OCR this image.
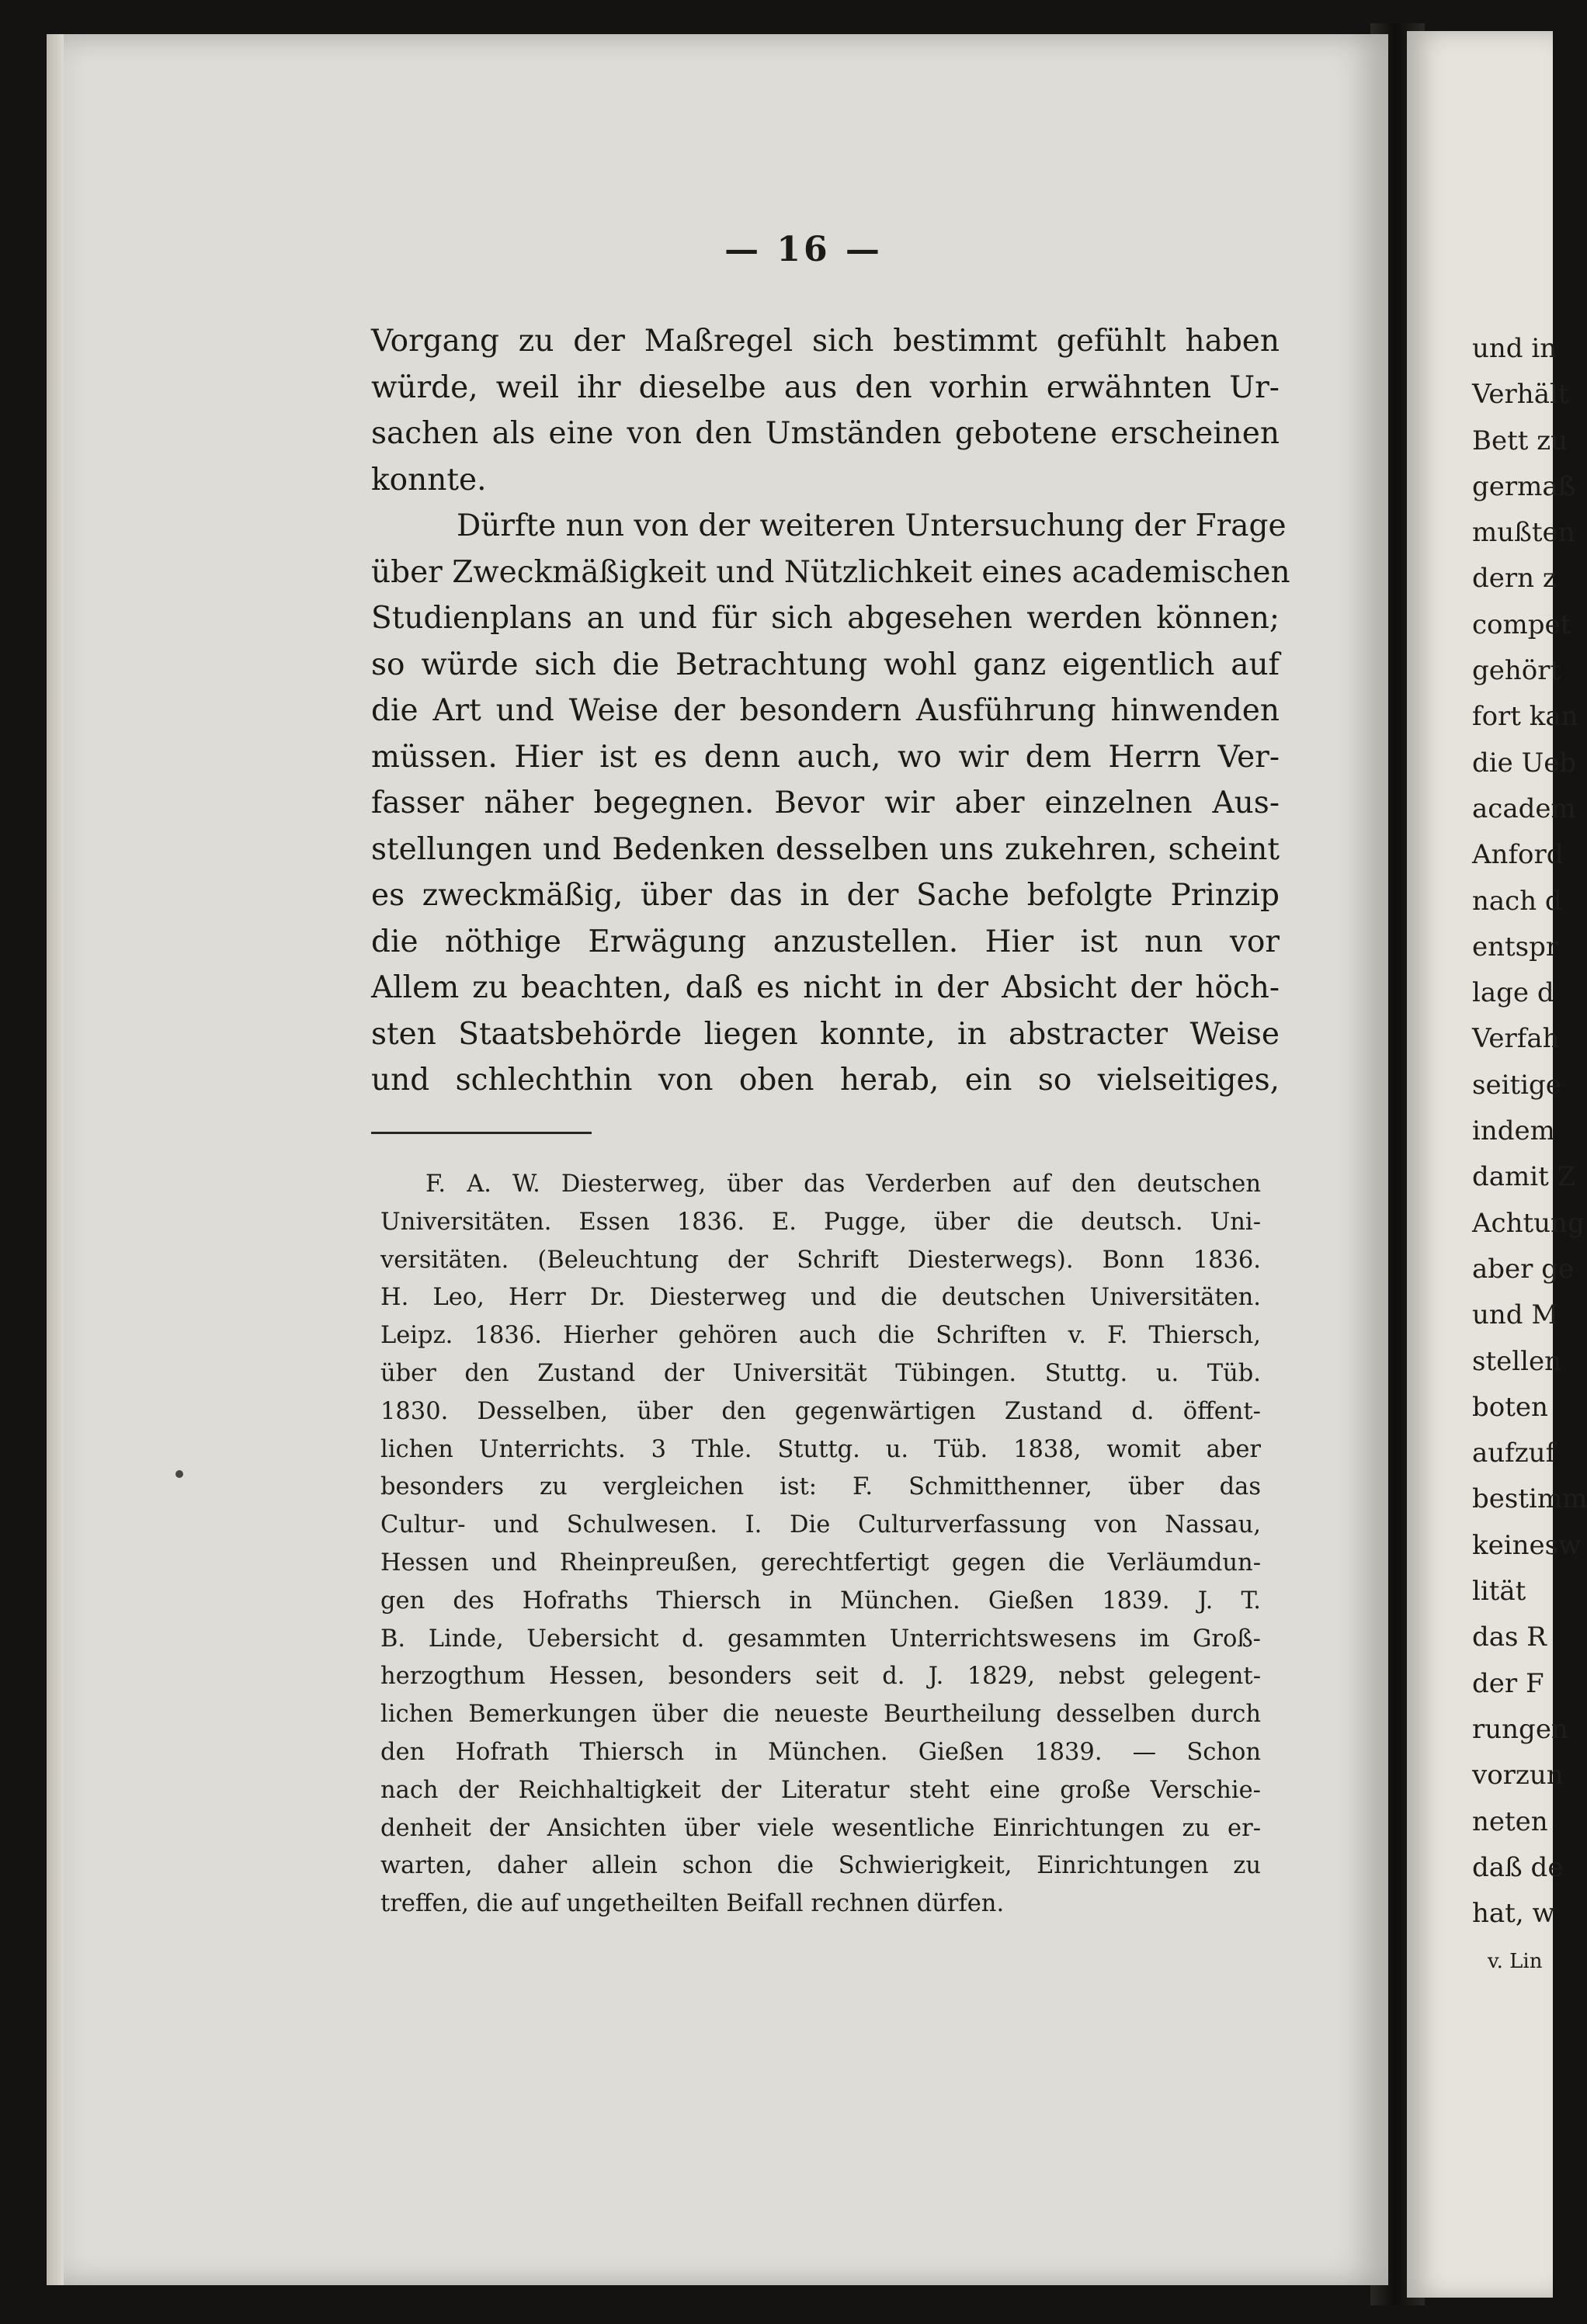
— 16 —
Vorgang zu der Maßregel sich bestimmt gefühlt haben
würde, weil ihr dieselbe aus den vorhin erwähnten Ur-
sachen als eine von den Umständen gebotene erscheinen
konnte.
Dürfte nun von der weiteren Untersuchung der Frage
über Zweckmäßigkeit und Nützlichkeit eines academischen
Studienplans an und für sich abgesehen werden können;
so würde sich die Betrachtung wohl ganz eigentlich auf
die Art und Weise der besondern Ausführung hinwenden
müssen. Hier ist es denn auch, wo wir dem Herrn Ver-
fasser näher begegnen. Bevor wir aber einzelnen Aus-
stellungen und Bedenken desselben uns zukehren, scheint
es zweckmäßig, über das in der Sache befolgte Prinzip
die nöthige Erwägung anzustellen. Hier ist nun vor
Allem zu beachten, daß es nicht in der Absicht der höch-
sten Staatsbehörde liegen konnte, in abstracter Weise
und schlechthin von oben herab, ein so vielseitiges,
F. A. W. Diesterweg, über das Verderben auf den deutschen
Universitäten. Essen 1836. E. Pugge, über die deutsch. Uni-
versitäten. (Beleuchtung der Schrift Diesterwegs). Bonn 1836.
H. Leo, Herr Dr. Diesterweg und die deutschen Universitäten.
Leipz. 1836. Hierher gehören auch die Schriften v. F. Thiersch,
über den Zustand der Universität Tübingen. Stuttg. u. Tüb.
1830. Desselben, über den gegenwärtigen Zustand d. öffent-
lichen Unterrichts. 3 Thle. Stuttg. u. Tüb. 1838, womit aber
besonders zu vergleichen ist: F. Schmitthenner, über das
Cultur- und Schulwesen. I. Die Culturverfassung von Nassau,
Hessen und Rheinpreußen, gerechtfertigt gegen die Verläumdun-
gen des Hofraths Thiersch in München. Gießen 1839. J. T.
B. Linde, Uebersicht d. gesammten Unterrichtswesens im Groß-
herzogthum Hessen, besonders seit d. J. 1829, nebst gelegent-
lichen Bemerkungen über die neueste Beurtheilung desselben durch
den Hofrath Thiersch in München. Gießen 1839. — Schon
nach der Reichhaltigkeit der Literatur steht eine große Verschie-
denheit der Ansichten über viele wesentliche Einrichtungen zu er-
warten, daher allein schon die Schwierigkeit, Einrichtungen zu
treffen, die auf ungetheilten Beifall rechnen dürfen.
und in
Verhält
Bett zu
germaß
mußten
dern z
compet
gehört
fort kan
die Ueb
academ
Anford
nach d
entspr
lage d
Verfah
seitige
indem
damit Z
Achtung
aber ge
und M
stellen
boten
aufzuf
bestimm
keinesw
lität
das R
der F
rungen
vorzun
neten
daß de
hat, w
v. Lin
